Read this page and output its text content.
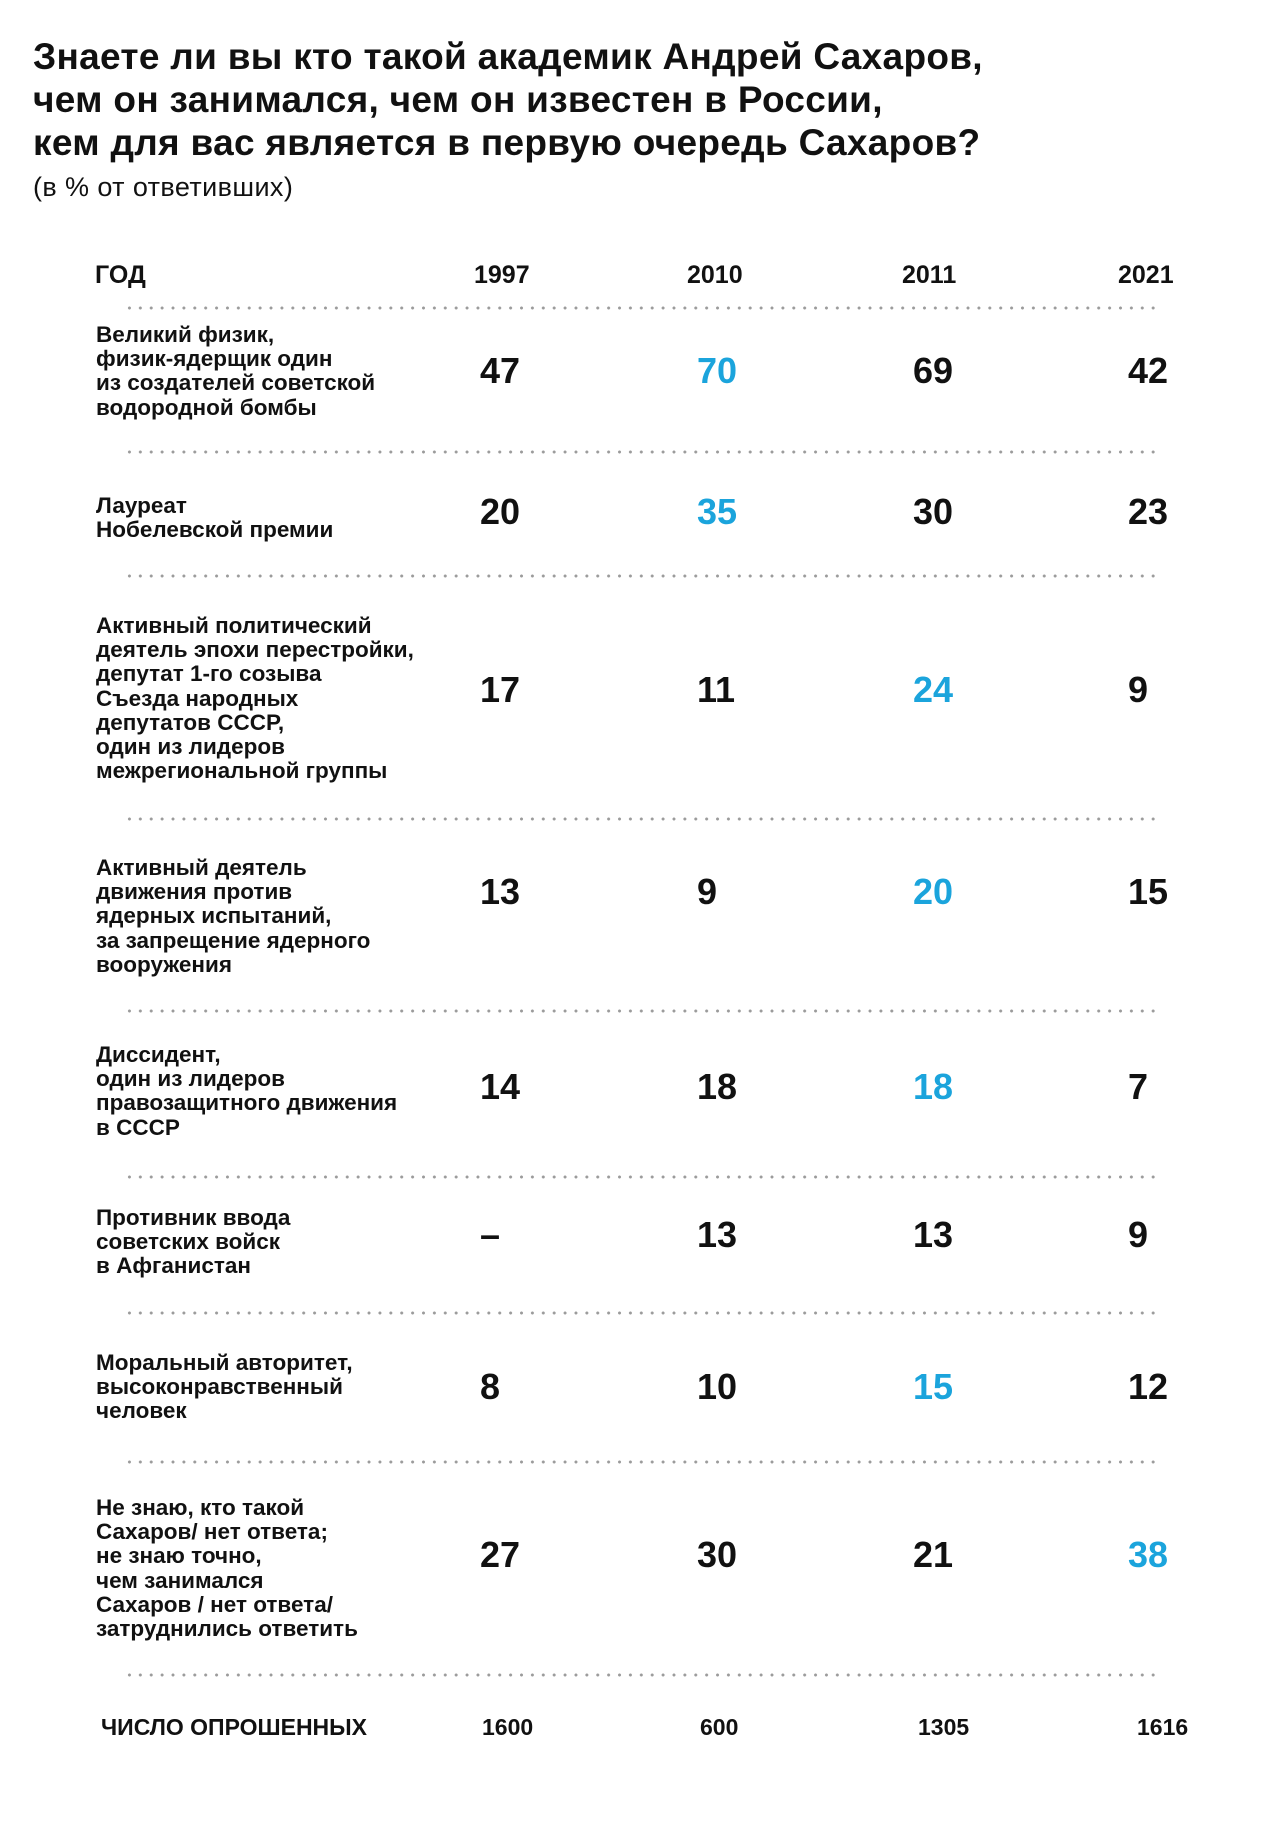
Знаете ли вы кто такой академик Андрей Сахаров,
чем он занимался, чем он известен в России,
кем для вас является в первую очередь Сахаров?
(в % от ответивших)
ГОД	1997	2010	2011	2021
Великий физик,
физик-ядерщик один
из создателей советской
водородной бомбы
47	70	69	42
Лауреат
Нобелевской премии	20	35	30	23
Активный политический
деятель эпохи перестройки,
депутат 1-го созыва
Съезда народных
депутатов СССР,
один из лидеров
межрегиональной группы
17	11	24	9
Активный деятель
движения против
ядерных испытаний,
за запрещение ядерного
вооружения
13	9	20	15
Диссидент,
один из лидеров
правозащитного движения
в СССР
14	18	18	7
Противник ввода
советских войск
в Афганистан
–	13	13	9
Моральный авторитет,
высоконравственный
человек
8	10	15	12
Не знаю, кто такой
Сахаров/ нет ответа;
не знаю точно,
чем занимался
Сахаров / нет ответа/
затруднились ответить
27	30	21	38
ЧИСЛО ОПРОШЕННЫХ	1600	600	1305	1616
